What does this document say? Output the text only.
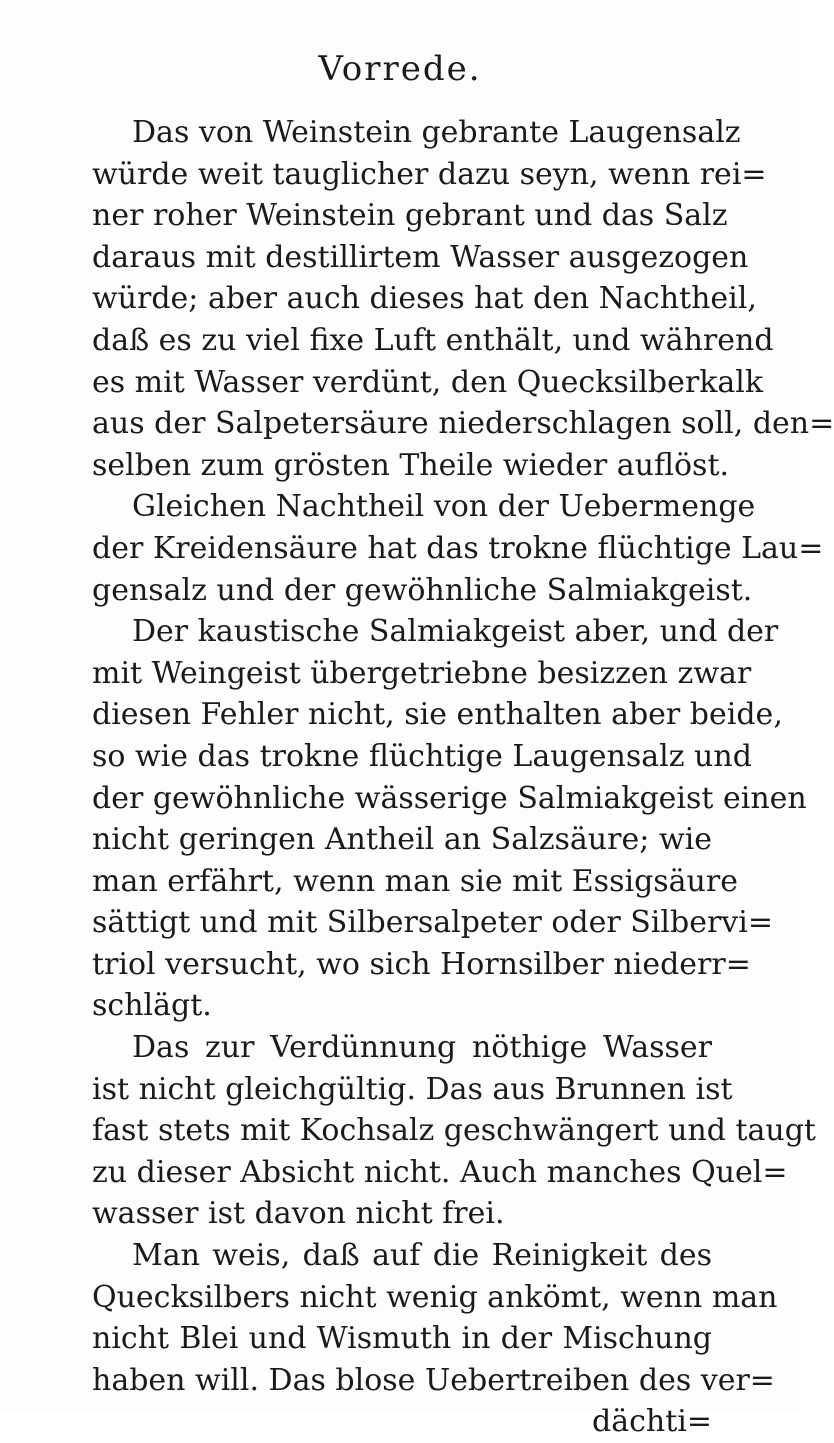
Vorrede.
Das von Weinstein gebrante Laugensalz
würde weit tauglicher dazu seyn, wenn rei=
ner roher Weinstein gebrant und das Salz
daraus mit destillirtem Wasser ausgezogen
würde; aber auch dieses hat den Nachtheil,
daß es zu viel fixe Luft enthält, und während
es mit Wasser verdünt, den Quecksilberkalk
aus der Salpetersäure niederschlagen soll, den=
selben zum grösten Theile wieder auflöst.
Gleichen Nachtheil von der Uebermenge
der Kreidensäure hat das trokne flüchtige Lau=
gensalz und der gewöhnliche Salmiakgeist.
Der kaustische Salmiakgeist aber, und der
mit Weingeist übergetriebne besizzen zwar
diesen Fehler nicht, sie enthalten aber beide,
so wie das trokne flüchtige Laugensalz und
der gewöhnliche wässerige Salmiakgeist einen
nicht geringen Antheil an Salzsäure; wie
man erfährt, wenn man sie mit Essigsäure
sättigt und mit Silbersalpeter oder Silbervi=
triol versucht, wo sich Hornsilber niederr=
schlägt.
Das zur Verdünnung nöthige Wasser
ist nicht gleichgültig. Das aus Brunnen ist
fast stets mit Kochsalz geschwängert und taugt
zu dieser Absicht nicht. Auch manches Quel=
wasser ist davon nicht frei.
Man weis, daß auf die Reinigkeit des
Quecksilbers nicht wenig ankömt, wenn man
nicht Blei und Wismuth in der Mischung
haben will. Das blose Uebertreiben des ver=
dächti=
